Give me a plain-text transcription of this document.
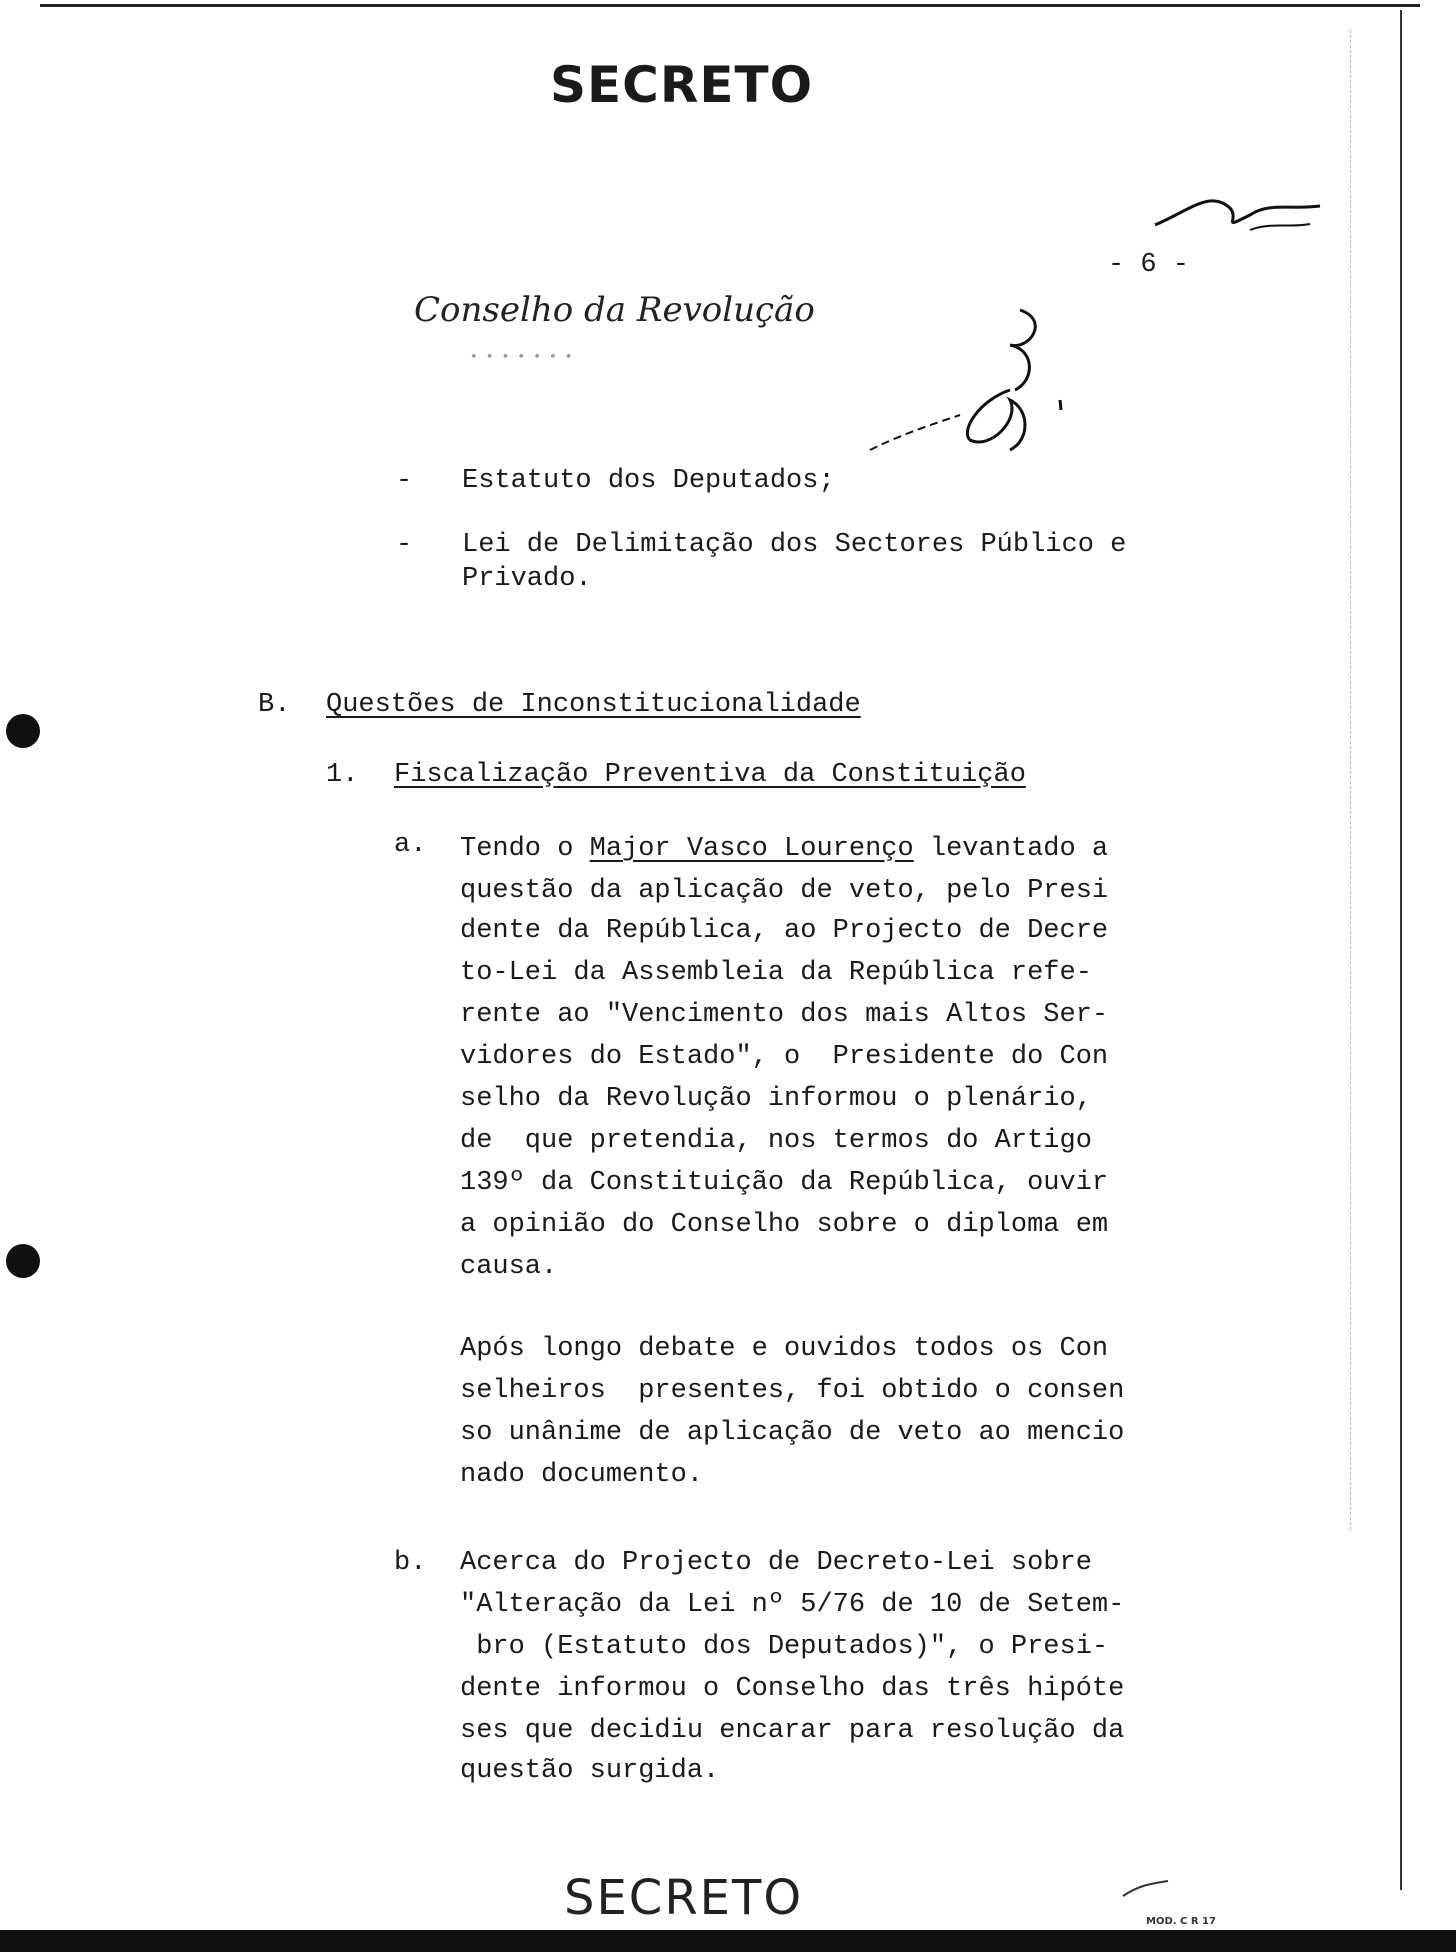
SECRETO
- 6 -
Conselho da Revolução
• • • • • • •
- Estatuto dos Deputados;
- Lei de Delimitação dos Sectores Público e
Privado.
B. Questões de Inconstitucionalidade
1. Fiscalização Preventiva da Constituição
a. Tendo o Major Vasco Lourenço levantado a
questão da aplicação de veto, pelo Presi
dente da República, ao Projecto de Decre
to-Lei da Assembleia da República refe-
rente ao "Vencimento dos mais Altos Ser-
vidores do Estado", o  Presidente do Con
selho da Revolução informou o plenário,
de  que pretendia, nos termos do Artigo
139º da Constituição da República, ouvir
a opinião do Conselho sobre o diploma em
causa.
Após longo debate e ouvidos todos os Con
selheiros  presentes, foi obtido o consen
so unânime de aplicação de veto ao mencio
nado documento.
b. Acerca do Projecto de Decreto-Lei sobre
"Alteração da Lei nº 5/76 de 10 de Setem-
bro (Estatuto dos Deputados)", o Presi-
dente informou o Conselho das três hipóte
ses que decidiu encarar para resolução da
questão surgida.
SECRETO	MOD. C R 17
